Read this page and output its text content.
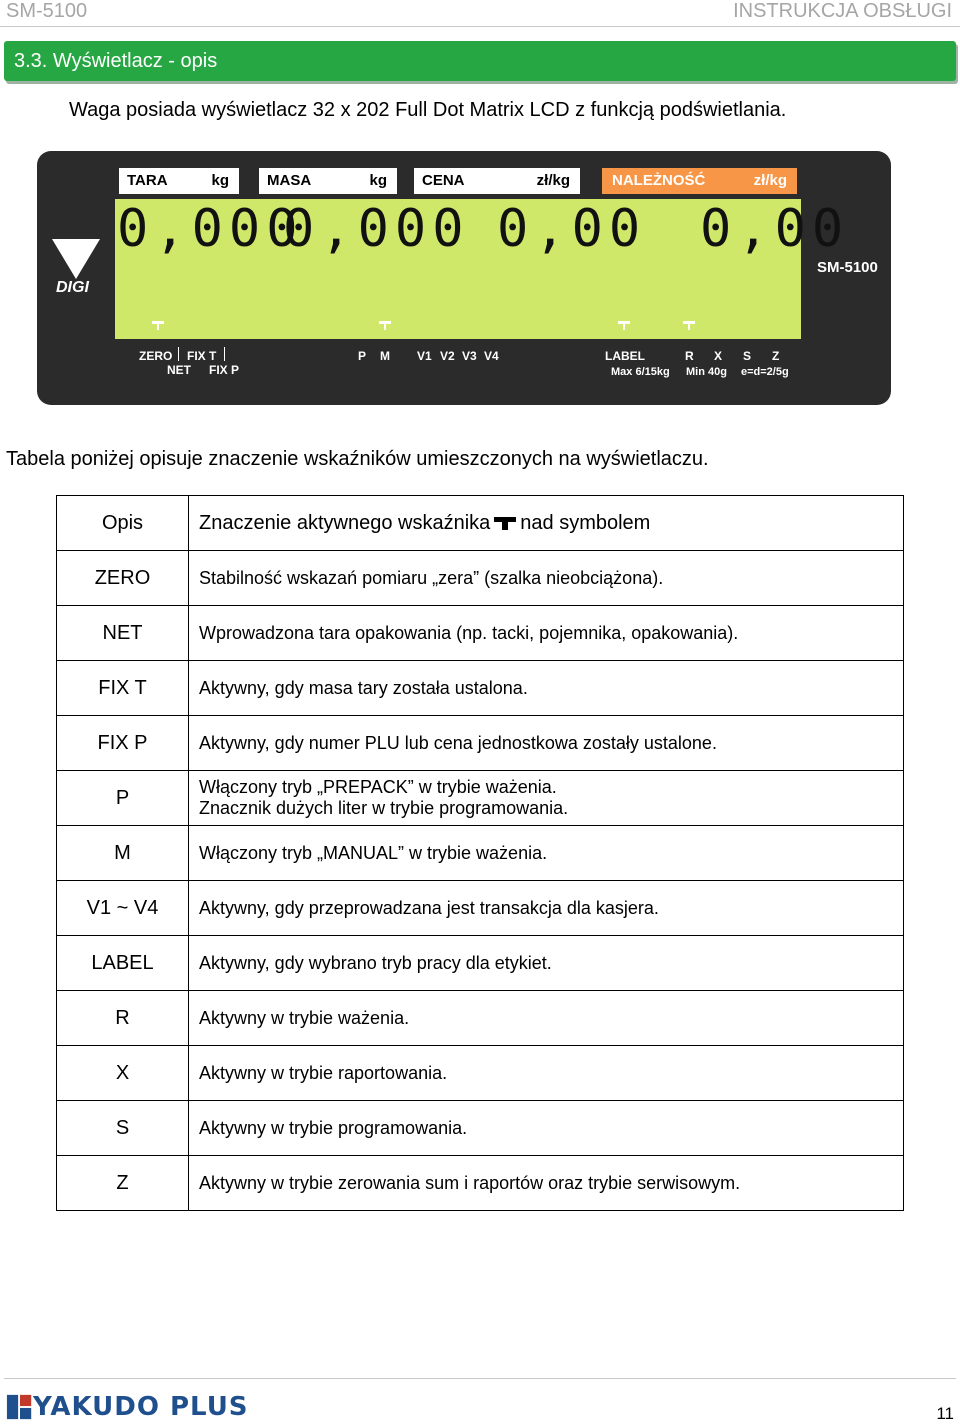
SM-5100	INSTRUKCJA OBSŁUGI
3.3. Wyświetlacz - opis
Waga posiada wyświetlacz 32 x 202 Full Dot Matrix LCD z funkcją podświetlania.
TARA	kg	MASA	kg CENA	zł/kg	NALEŻNOŚĆ	zł/kg
0,000
0,000 0,00 0,00
DIGI
SM-5100
ZERO FIX T
NET FIX P
P M V1 V2 V3 V4	LABEL	R X S Z
Max 6/15kg Min 40g e=d=2/5g
Tabela poniżej opisuje znaczenie wskaźników umieszczonych na wyświetlaczu.
Opis	Znaczenie aktywnego wskaźnika nad symbolem
ZERO	Stabilność wskazań pomiaru „zera” (szalka nieobciążona).
NET	Wprowadzona tara opakowania (np. tacki, pojemnika, opakowania).
FIX T	Aktywny, gdy masa tary została ustalona.
FIX P	Aktywny, gdy numer PLU lub cena jednostkowa zostały ustalone.
P	Włączony tryb „PREPACK” w trybie ważenia.
Znacznik dużych liter w trybie programowania.

M	Włączony tryb „MANUAL” w trybie ważenia.
V1 ~ V4	Aktywny, gdy przeprowadzana jest transakcja dla kasjera.
LABEL	Aktywny, gdy wybrano tryb pracy dla etykiet.
R	Aktywny w trybie ważenia.
X	Aktywny w trybie raportowania.
S	Aktywny w trybie programowania.
Z	Aktywny w trybie zerowania sum i raportów oraz trybie serwisowym.
YAKUDO PLUS	11
